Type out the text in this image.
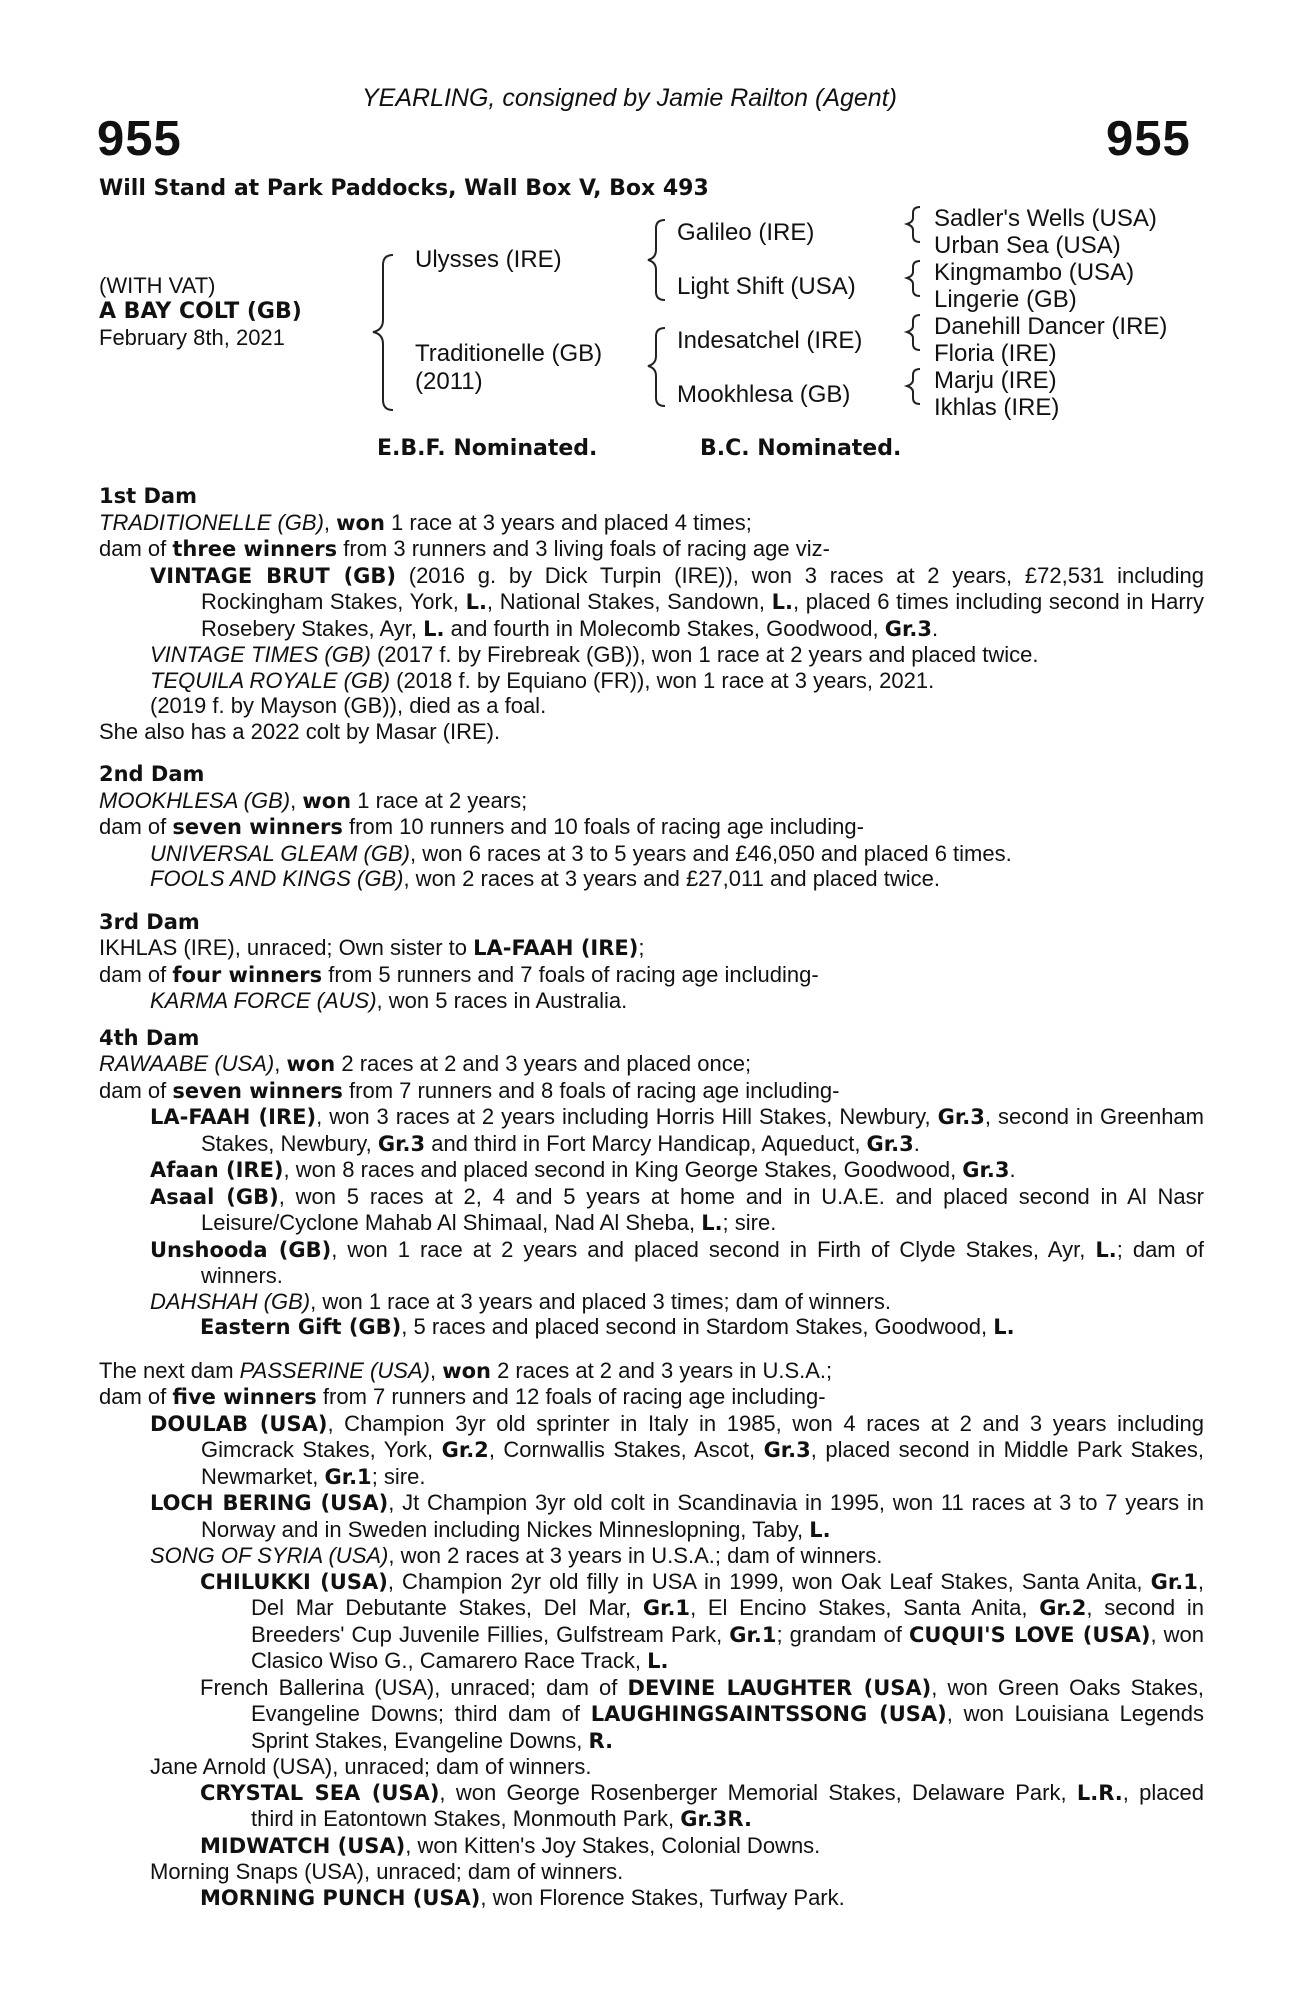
YEARLING, consigned by Jamie Railton (Agent)
955	955
Will Stand at Park Paddocks, Wall Box V, Box 493
(WITH VAT)
A BAY COLT (GB)
February 8th, 2021
Ulysses (IRE)
Traditionelle (GB)
(2011)
Galileo (IRE)
Light Shift (USA)
Indesatchel (IRE)
Mookhlesa (GB)
Sadler's Wells (USA)
Urban Sea (USA)
Kingmambo (USA)
Lingerie (GB)
Danehill Dancer (IRE)
Floria (IRE)
Marju (IRE)
Ikhlas (IRE)
E.B.F. Nominated.	B.C. Nominated.
1st Dam
TRADITIONELLE (GB), won 1 race at 3 years and placed 4 times;
dam of three winners from 3 runners and 3 living foals of racing age viz-
VINTAGE BRUT (GB) (2016 g. by Dick Turpin (IRE)), won 3 races at 2 years, £72,531 including Rockingham Stakes, York, L., National Stakes, Sandown, L., placed 6 times including second in Harry Rosebery Stakes, Ayr, L. and fourth in Molecomb Stakes, Goodwood, Gr.3.
VINTAGE TIMES (GB) (2017 f. by Firebreak (GB)), won 1 race at 2 years and placed twice.
TEQUILA ROYALE (GB) (2018 f. by Equiano (FR)), won 1 race at 3 years, 2021.
(2019 f. by Mayson (GB)), died as a foal.
She also has a 2022 colt by Masar (IRE).
2nd Dam
MOOKHLESA (GB), won 1 race at 2 years;
dam of seven winners from 10 runners and 10 foals of racing age including-
UNIVERSAL GLEAM (GB), won 6 races at 3 to 5 years and £46,050 and placed 6 times.
FOOLS AND KINGS (GB), won 2 races at 3 years and £27,011 and placed twice.
3rd Dam
IKHLAS (IRE), unraced; Own sister to LA-FAAH (IRE);
dam of four winners from 5 runners and 7 foals of racing age including-
KARMA FORCE (AUS), won 5 races in Australia.
4th Dam
RAWAABE (USA), won 2 races at 2 and 3 years and placed once;
dam of seven winners from 7 runners and 8 foals of racing age including-
LA-FAAH (IRE), won 3 races at 2 years including Horris Hill Stakes, Newbury, Gr.3, second in Greenham Stakes, Newbury, Gr.3 and third in Fort Marcy Handicap, Aqueduct, Gr.3.
Afaan (IRE), won 8 races and placed second in King George Stakes, Goodwood, Gr.3.
Asaal (GB), won 5 races at 2, 4 and 5 years at home and in U.A.E. and placed second in Al Nasr Leisure/Cyclone Mahab Al Shimaal, Nad Al Sheba, L.; sire.
Unshooda (GB), won 1 race at 2 years and placed second in Firth of Clyde Stakes, Ayr, L.; dam of winners.
DAHSHAH (GB), won 1 race at 3 years and placed 3 times; dam of winners.
Eastern Gift (GB), 5 races and placed second in Stardom Stakes, Goodwood, L.
The next dam PASSERINE (USA), won 2 races at 2 and 3 years in U.S.A.;
dam of five winners from 7 runners and 12 foals of racing age including-
DOULAB (USA), Champion 3yr old sprinter in Italy in 1985, won 4 races at 2 and 3 years including Gimcrack Stakes, York, Gr.2, Cornwallis Stakes, Ascot, Gr.3, placed second in Middle Park Stakes, Newmarket, Gr.1; sire.
LOCH BERING (USA), Jt Champion 3yr old colt in Scandinavia in 1995, won 11 races at 3 to 7 years in Norway and in Sweden including Nickes Minneslopning, Taby, L.
SONG OF SYRIA (USA), won 2 races at 3 years in U.S.A.; dam of winners.
CHILUKKI (USA), Champion 2yr old filly in USA in 1999, won Oak Leaf Stakes, Santa Anita, Gr.1, Del Mar Debutante Stakes, Del Mar, Gr.1, El Encino Stakes, Santa Anita, Gr.2, second in Breeders' Cup Juvenile Fillies, Gulfstream Park, Gr.1; grandam of CUQUI'S LOVE (USA), won Clasico Wiso G., Camarero Race Track, L.
French Ballerina (USA), unraced; dam of DEVINE LAUGHTER (USA), won Green Oaks Stakes, Evangeline Downs; third dam of LAUGHINGSAINTSSONG (USA), won Louisiana Legends Sprint Stakes, Evangeline Downs, R.
Jane Arnold (USA), unraced; dam of winners.
CRYSTAL SEA (USA), won George Rosenberger Memorial Stakes, Delaware Park, L.R., placed third in Eatontown Stakes, Monmouth Park, Gr.3R.
MIDWATCH (USA), won Kitten's Joy Stakes, Colonial Downs.
Morning Snaps (USA), unraced; dam of winners.
MORNING PUNCH (USA), won Florence Stakes, Turfway Park.
